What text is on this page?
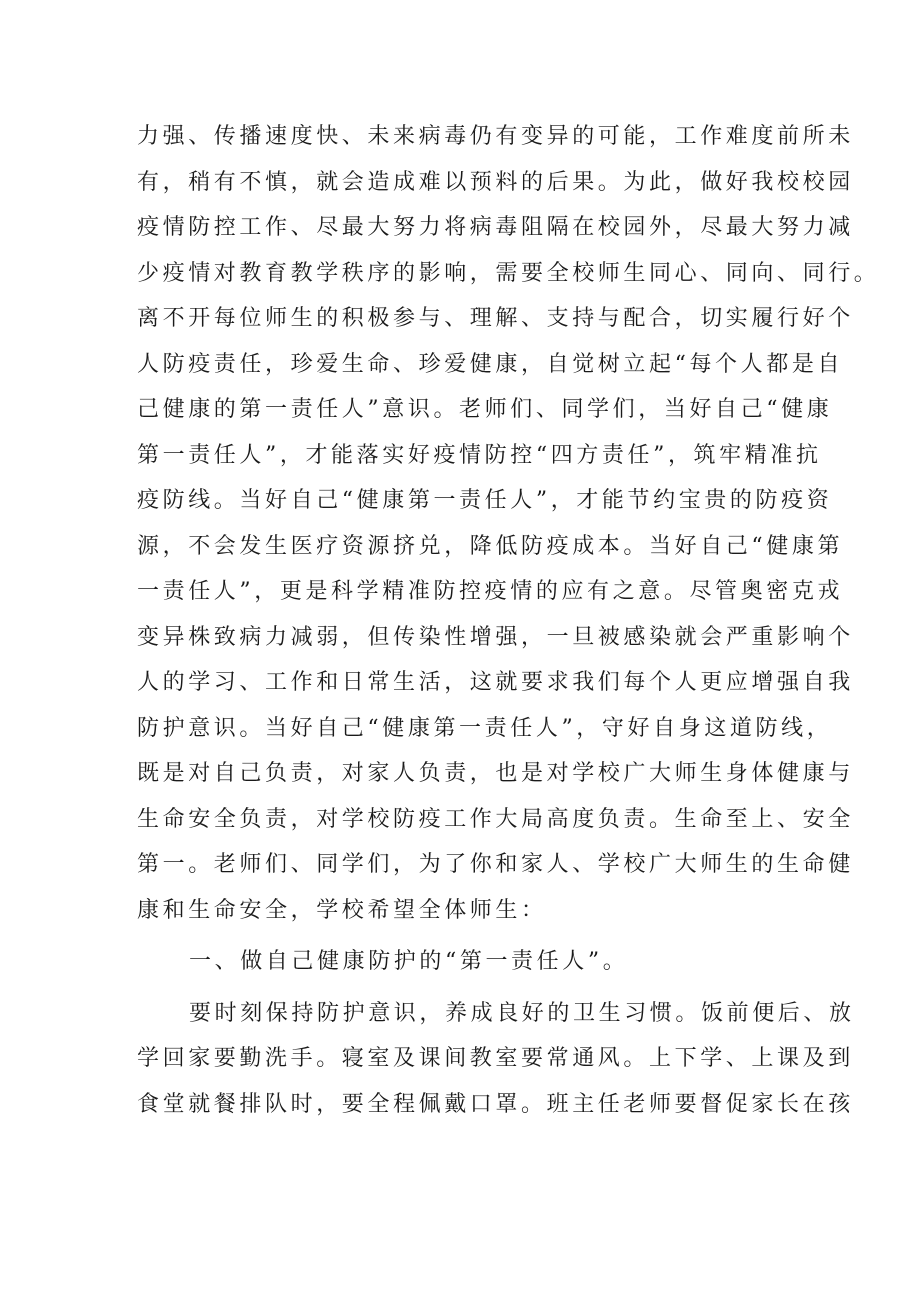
力强、传播速度快、未来病毒仍有变异的可能，工作难度前所未
有，稍有不慎，就会造成难以预料的后果。为此，做好我校校园
疫情防控工作、尽最大努力将病毒阻隔在校园外，尽最大努力减
少疫情对教育教学秩序的影响，需要全校师生同心、同向、同行。
离不开每位师生的积极参与、理解、支持与配合，切实履行好个
人防疫责任，珍爱生命、珍爱健康，自觉树立起“每个人都是自
己健康的第一责任人”意识。老师们、同学们，当好自己“健康
第一责任人”，才能落实好疫情防控“四方责任”，筑牢精准抗
疫防线。当好自己“健康第一责任人”，才能节约宝贵的防疫资
源，不会发生医疗资源挤兑，降低防疫成本。当好自己“健康第
一责任人”，更是科学精准防控疫情的应有之意。尽管奥密克戎
变异株致病力减弱，但传染性增强，一旦被感染就会严重影响个
人的学习、工作和日常生活，这就要求我们每个人更应增强自我
防护意识。当好自己“健康第一责任人”，守好自身这道防线，
既是对自己负责，对家人负责，也是对学校广大师生身体健康与
生命安全负责，对学校防疫工作大局高度负责。生命至上、安全
第一。老师们、同学们，为了你和家人、学校广大师生的生命健
康和生命安全，学校希望全体师生：
一、做自己健康防护的“第一责任人”。
要时刻保持防护意识，养成良好的卫生习惯。饭前便后、放
学回家要勤洗手。寝室及课间教室要常通风。上下学、上课及到
食堂就餐排队时，要全程佩戴口罩。班主任老师要督促家长在孩
